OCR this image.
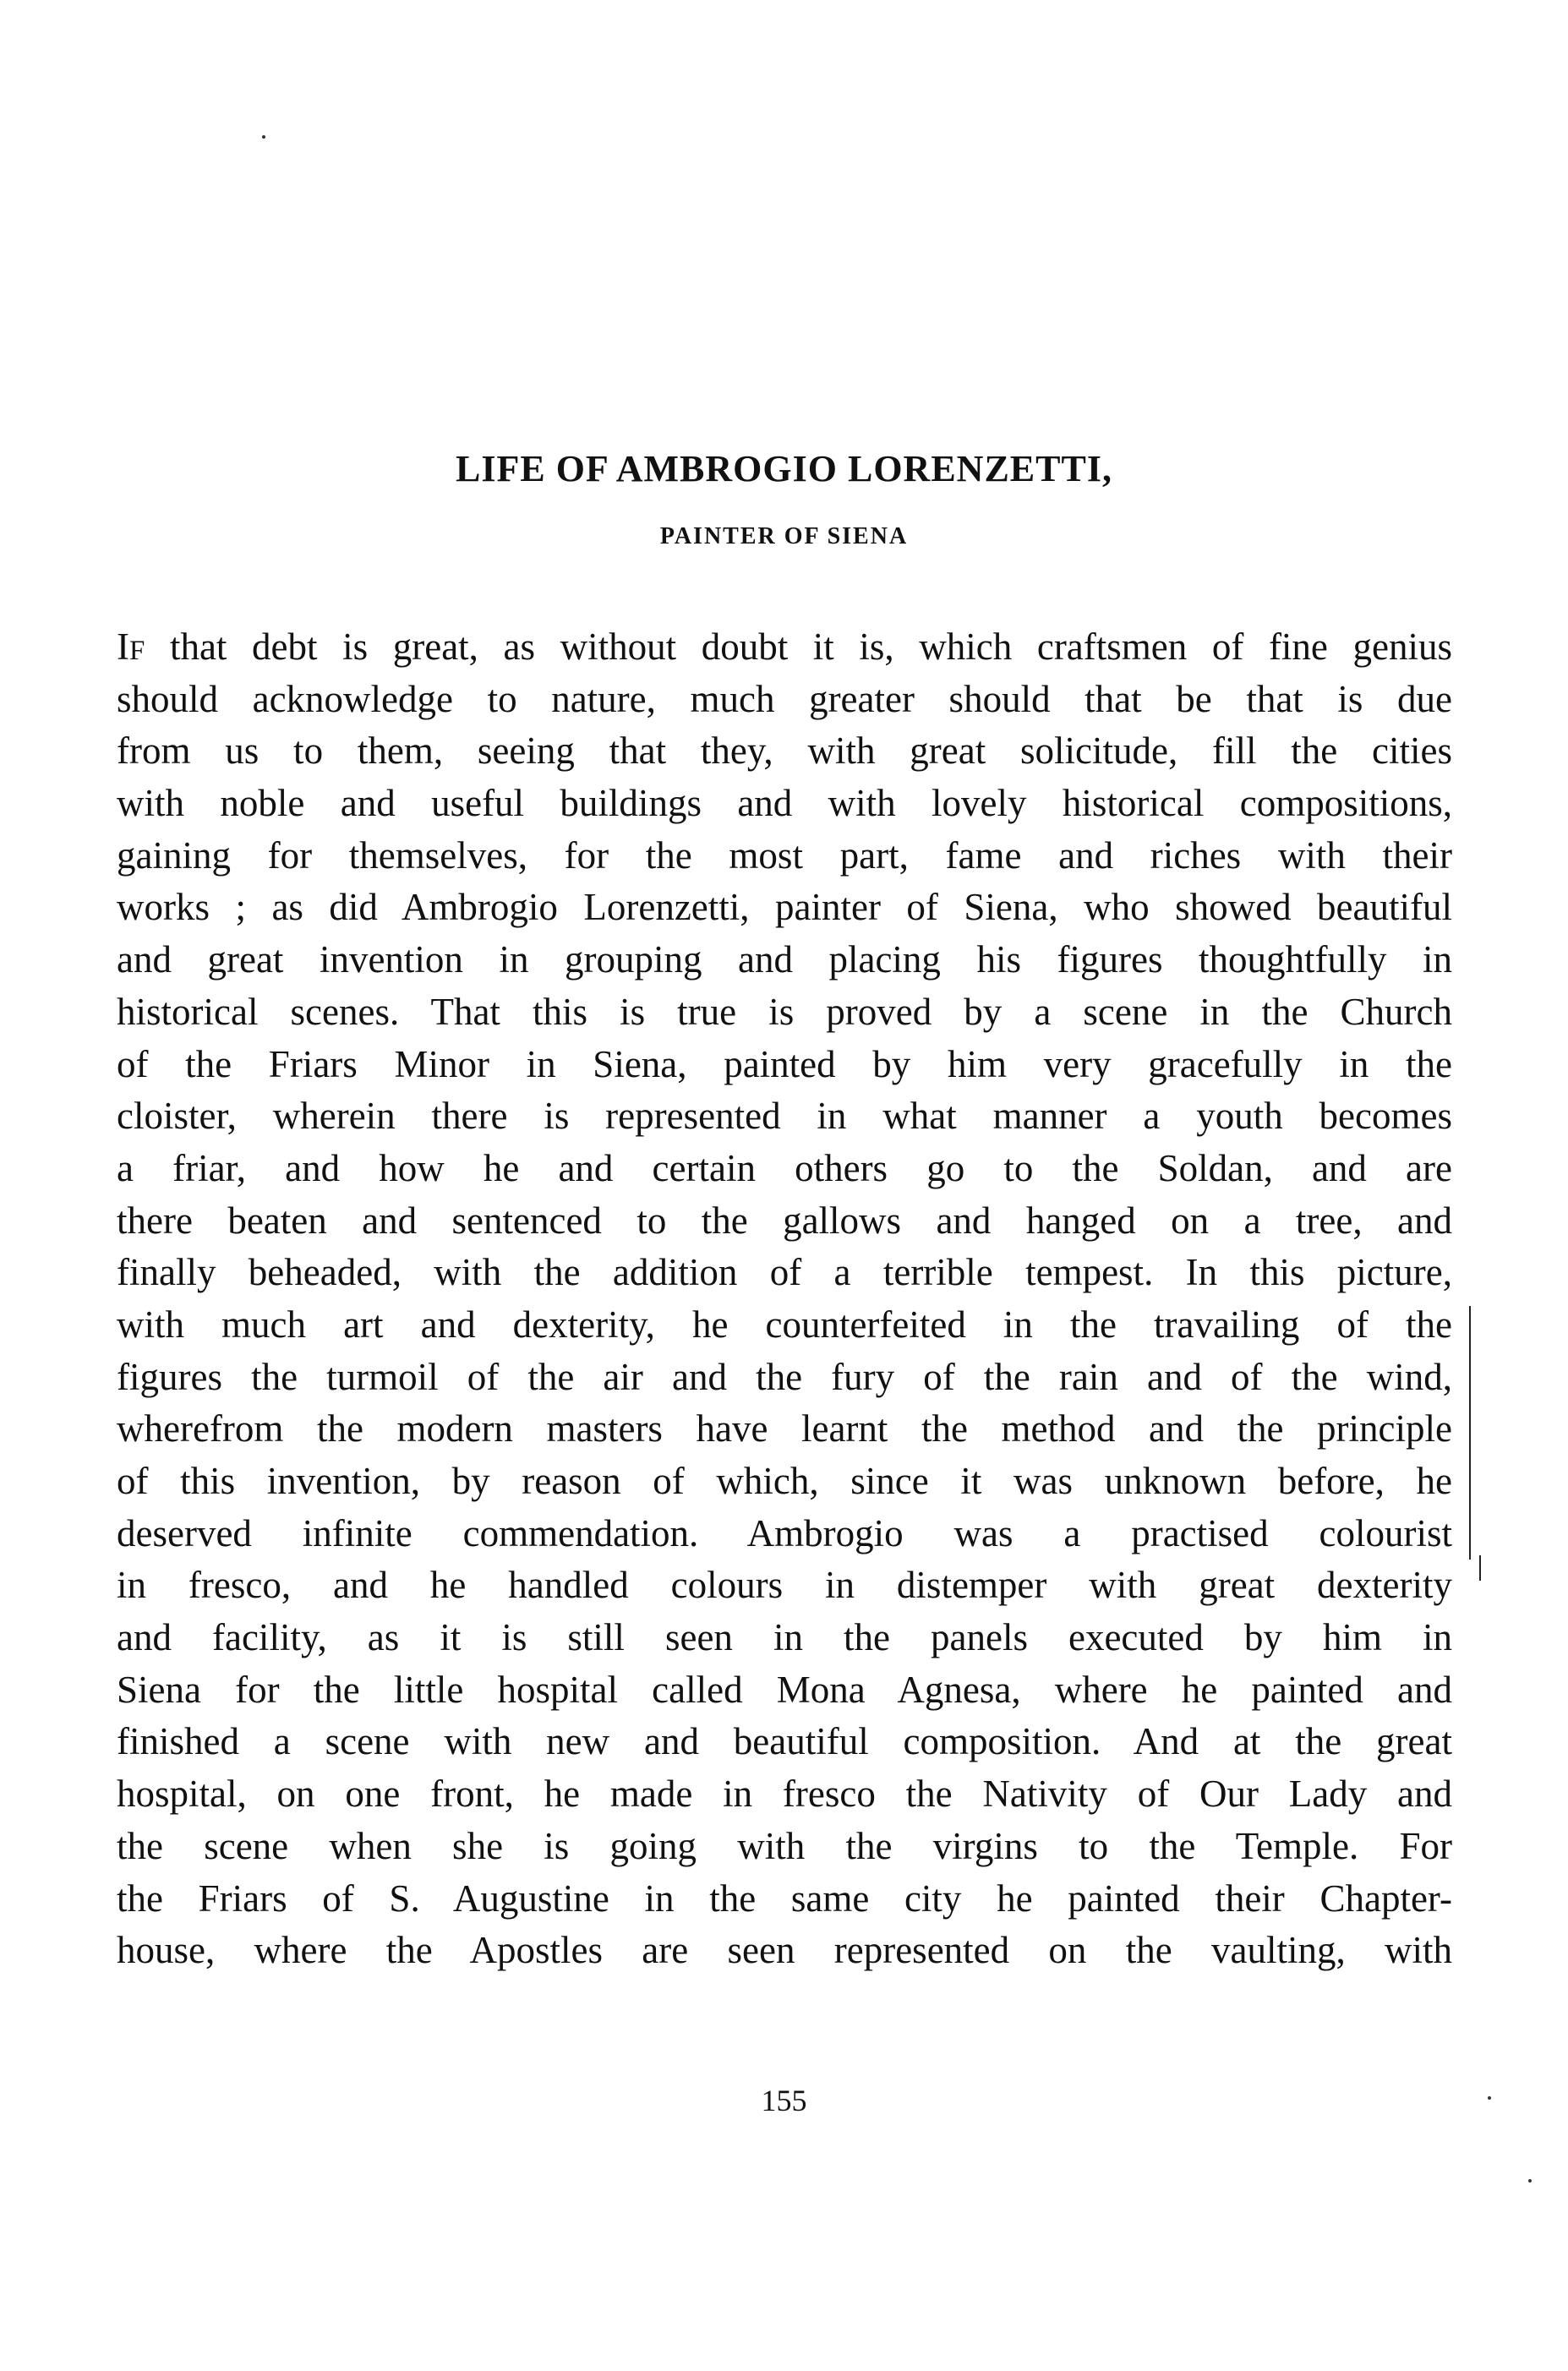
LIFE OF AMBROGIO LORENZETTI,
PAINTER OF SIENA
IF that debt is great, as without doubt it is, which craftsmen of fine genius
should acknowledge to nature, much greater should that be that is due
from us to them, seeing that they, with great solicitude, fill the cities
with noble and useful buildings and with lovely historical compositions,
gaining for themselves, for the most part, fame and riches with their
works ; as did Ambrogio Lorenzetti, painter of Siena, who showed beautiful
and great invention in grouping and placing his figures thoughtfully in
historical scenes. That this is true is proved by a scene in the Church
of the Friars Minor in Siena, painted by him very gracefully in the
cloister, wherein there is represented in what manner a youth becomes
a friar, and how he and certain others go to the Soldan, and are
there beaten and sentenced to the gallows and hanged on a tree, and
finally beheaded, with the addition of a terrible tempest. In this picture,
with much art and dexterity, he counterfeited in the travailing of the
figures the turmoil of the air and the fury of the rain and of the wind,
wherefrom the modern masters have learnt the method and the principle
of this invention, by reason of which, since it was unknown before, he
deserved infinite commendation. Ambrogio was a practised colourist
in fresco, and he handled colours in distemper with great dexterity
and facility, as it is still seen in the panels executed by him in
Siena for the little hospital called Mona Agnesa, where he painted and
finished a scene with new and beautiful composition. And at the great
hospital, on one front, he made in fresco the Nativity of Our Lady and
the scene when she is going with the virgins to the Temple. For
the Friars of S. Augustine in the same city he painted their Chapter-
house, where the Apostles are seen represented on the vaulting, with
155
